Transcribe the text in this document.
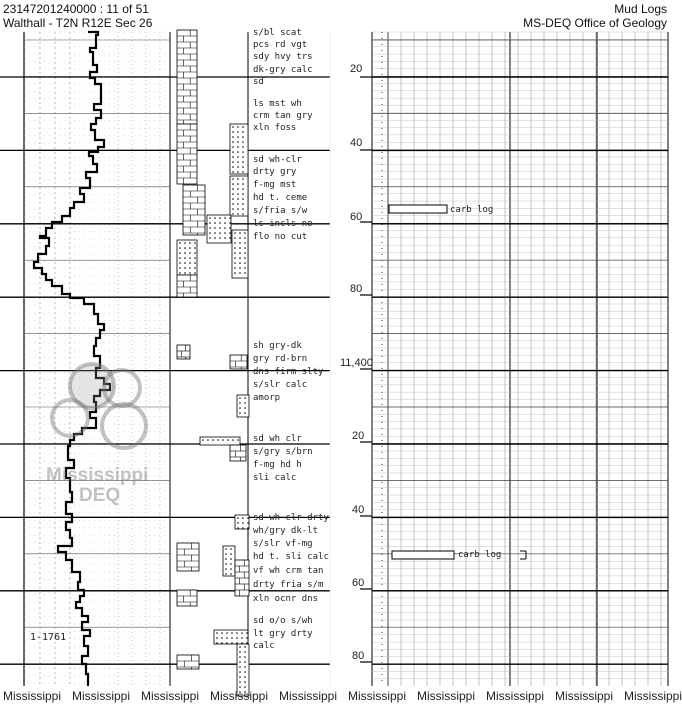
23147201240000 : 11 of 51
Walthall - T2N R12E Sec 26
Mud Logs
MS-DEQ Office of Geology
Mississippi
DEQ
s/bl scat
pcs rd vgt
sdy hvy trs
dk-gry calc
sd
ls mst wh
crm tan gry
xln foss
sd wh-clr
drty gry
f-mg mst
hd t. ceme
s/fria s/w
ls incls no
flo no cut
sh gry-dk
gry rd-brn
dns firm slty
s/slr calc
amorp
sd wh clr
s/gry s/brn
f-mg hd h
sli calc
sd wh clr drty
wh/gry dk-lt
s/slr vf-mg
hd t. sli calc
vf wh crm tan
drty fria s/m
xln ocnr dns
sd o/o s/wh
lt gry drty
calc
20
40
60
80
11,400
20
40
60
80
carb log
carb log
1-1761
Mississippi Mississippi Mississippi Mississippi Mississippi Mississippi Mississippi Mississippi Mississippi Mississippi
